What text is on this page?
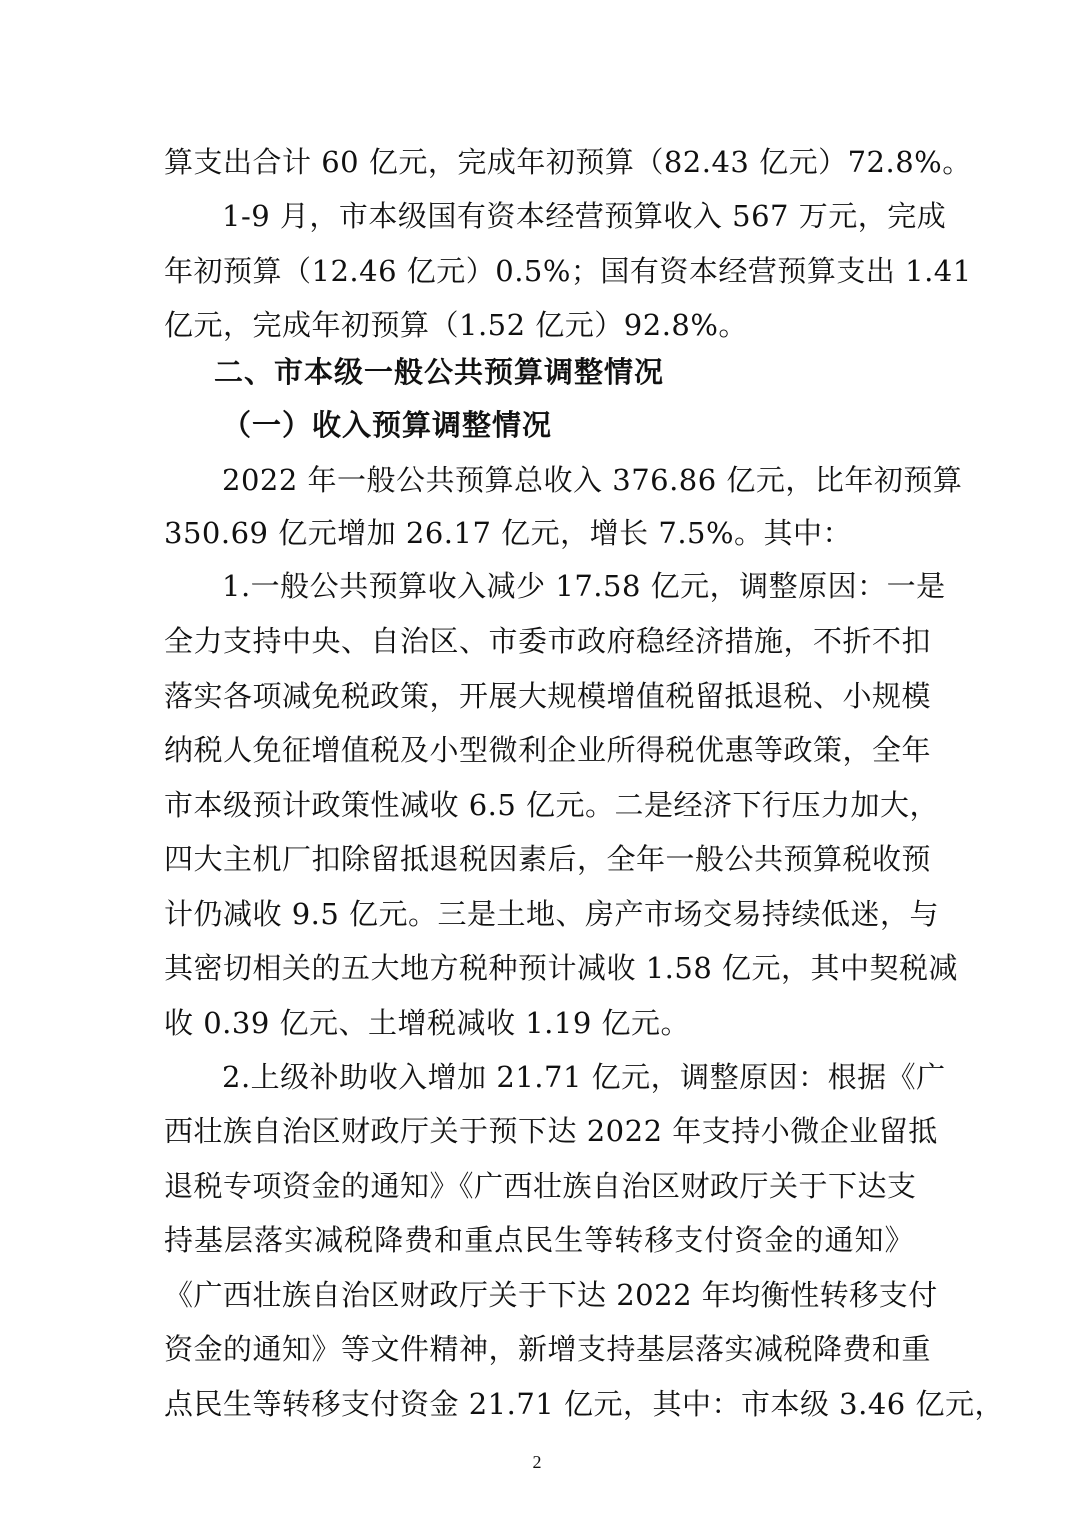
算支出合计 60 亿元，完成年初预算（82.43 亿元）72.8%。
1-9 月，市本级国有资本经营预算收入 567 万元，完成
年初预算（12.46 亿元）0.5%；国有资本经营预算支出 1.41
亿元，完成年初预算（1.52 亿元）92.8%。
二、市本级一般公共预算调整情况
（一）收入预算调整情况
2022 年一般公共预算总收入 376.86 亿元，比年初预算
350.69 亿元增加 26.17 亿元，增长 7.5%。其中：
1.一般公共预算收入减少 17.58 亿元，调整原因：一是
全力支持中央、自治区、市委市政府稳经济措施，不折不扣
落实各项减免税政策，开展大规模增值税留抵退税、小规模
纳税人免征增值税及小型微利企业所得税优惠等政策，全年
市本级预计政策性减收 6.5 亿元。二是经济下行压力加大，
四大主机厂扣除留抵退税因素后，全年一般公共预算税收预
计仍减收 9.5 亿元。三是土地、房产市场交易持续低迷，与
其密切相关的五大地方税种预计减收 1.58 亿元，其中契税减
收 0.39 亿元、土增税减收 1.19 亿元。
2.上级补助收入增加 21.71 亿元，调整原因：根据《广
西壮族自治区财政厅关于预下达 2022 年支持小微企业留抵
退税专项资金的通知》《广西壮族自治区财政厅关于下达支
持基层落实减税降费和重点民生等转移支付资金的通知》
《广西壮族自治区财政厅关于下达 2022 年均衡性转移支付
资金的通知》等文件精神，新增支持基层落实减税降费和重
点民生等转移支付资金 21.71 亿元，其中：市本级 3.46 亿元，
2
